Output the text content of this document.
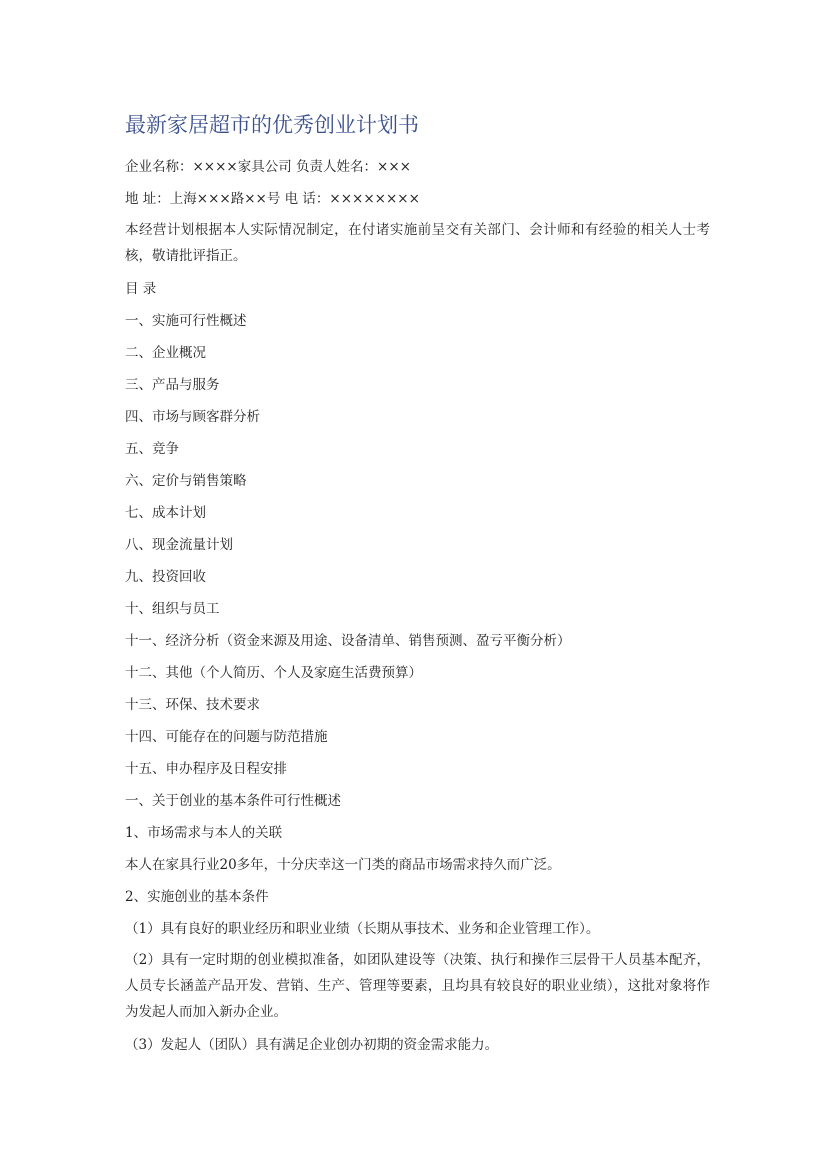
最新家居超市的优秀创业计划书

企业名称：××××家具公司 负责人姓名：×××

地 址：上海×××路××号 电 话：××××××××

本经营计划根据本人实际情况制定，在付诸实施前呈交有关部门、会计师和有经验的相关人士考核，敬请批评指正。

目 录

一、实施可行性概述

二、企业概况

三、产品与服务

四、市场与顾客群分析

五、竞争

六、定价与销售策略

七、成本计划

八、现金流量计划

九、投资回收

十、组织与员工

十一、经济分析（资金来源及用途、设备清单、销售预测、盈亏平衡分析）

十二、其他（个人简历、个人及家庭生活费预算）

十三、环保、技术要求

十四、可能存在的问题与防范措施

十五、申办程序及日程安排

一、关于创业的基本条件可行性概述

1、市场需求与本人的关联

本人在家具行业20多年，十分庆幸这一门类的商品市场需求持久而广泛。

2、实施创业的基本条件

（1）具有良好的职业经历和职业业绩（长期从事技术、业务和企业管理工作）。

（2）具有一定时期的创业模拟准备，如团队建设等（决策、执行和操作三层骨干人员基本配齐，人员专长涵盖产品开发、营销、生产、管理等要素，且均具有较良好的职业业绩），这批对象将作为发起人而加入新办企业。

（3）发起人（团队）具有满足企业创办初期的资金需求能力。
